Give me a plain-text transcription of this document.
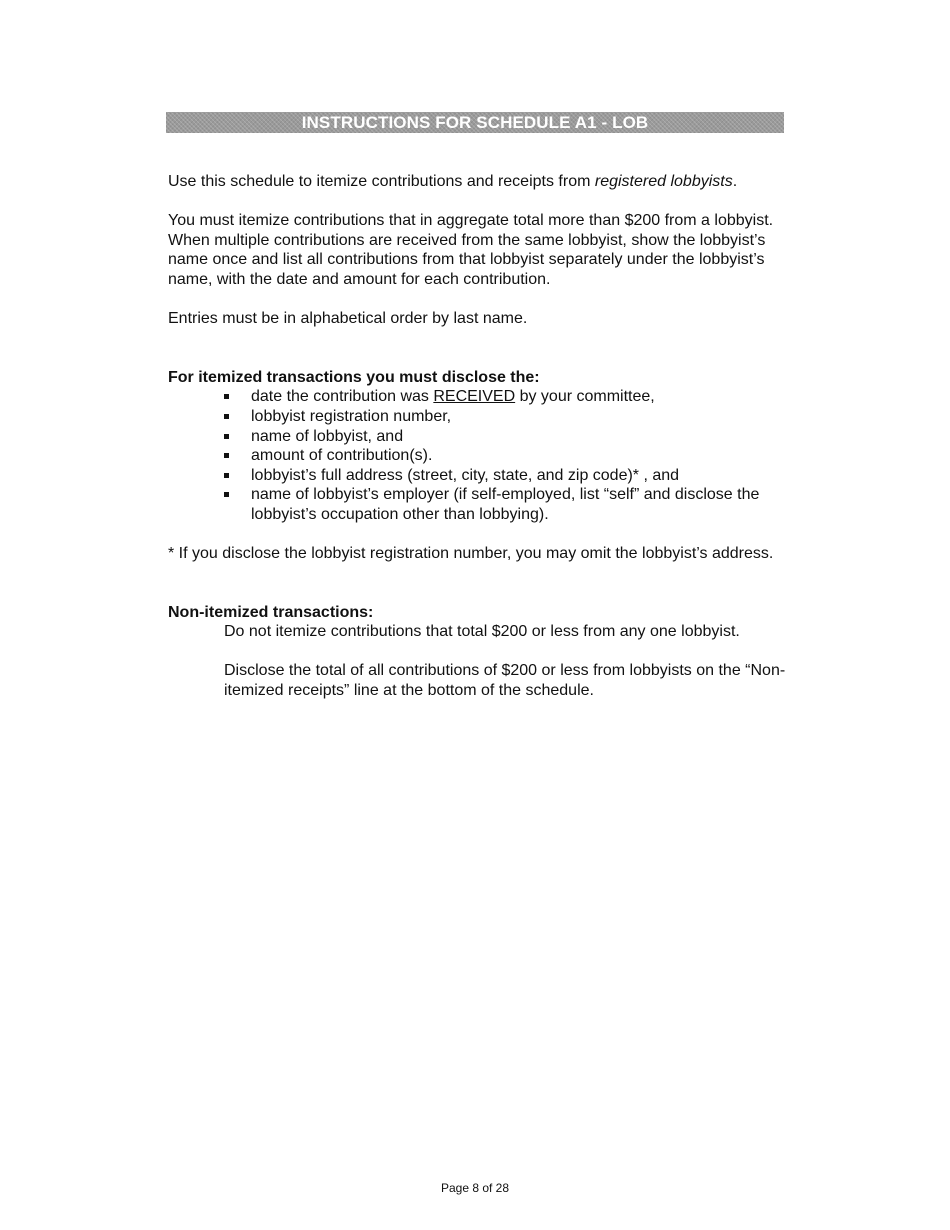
INSTRUCTIONS FOR SCHEDULE A1 - LOB

Use this schedule to itemize contributions and receipts from registered lobbyists.

You must itemize contributions that in aggregate total more than $200 from a lobbyist. When multiple contributions are received from the same lobbyist, show the lobbyist’s name once and list all contributions from that lobbyist separately under the lobbyist’s name, with the date and amount for each contribution.

Entries must be in alphabetical order by last name.

For itemized transactions you must disclose the:

date the contribution was RECEIVED by your committee,
lobbyist registration number,
name of lobbyist, and
amount of contribution(s).
lobbyist’s full address (street, city, state, and zip code)* , and
name of lobbyist’s employer (if self-employed, list “self” and disclose the lobbyist’s occupation other than lobbying).

* If you disclose the lobbyist registration number, you may omit the lobbyist’s address.

Non-itemized transactions:

Do not itemize contributions that total $200 or less from any one lobbyist.

Disclose the total of all contributions of $200 or less from lobbyists on the “Non-itemized receipts” line at the bottom of the schedule.

Page 8 of 28
